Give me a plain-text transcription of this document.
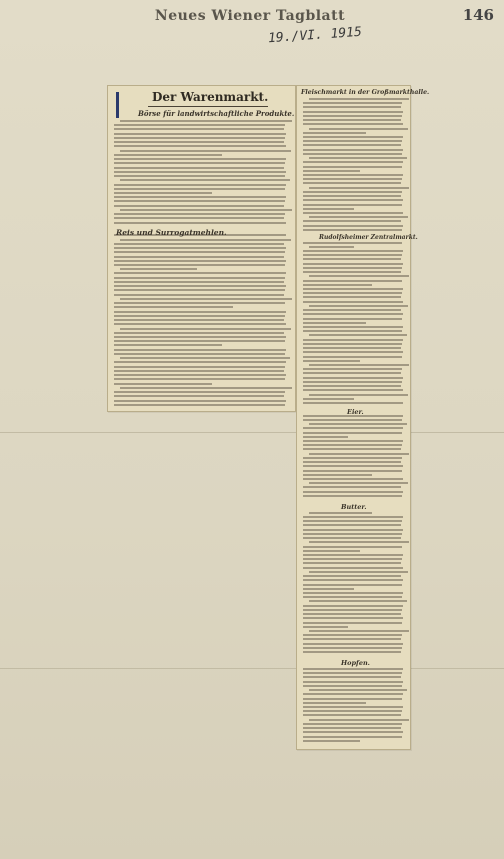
Neues Wiener Tagblatt	146
19./VI. 1915
Der Warenmarkt.
Börse für landwirtschaftliche Produkte.
Reis und Surrogatmehlen.
Fleischmarkt in der Großmarkthalle.
Rudolfsheimer Zentralmarkt.
Eier.
Butter.
Hopfen.
